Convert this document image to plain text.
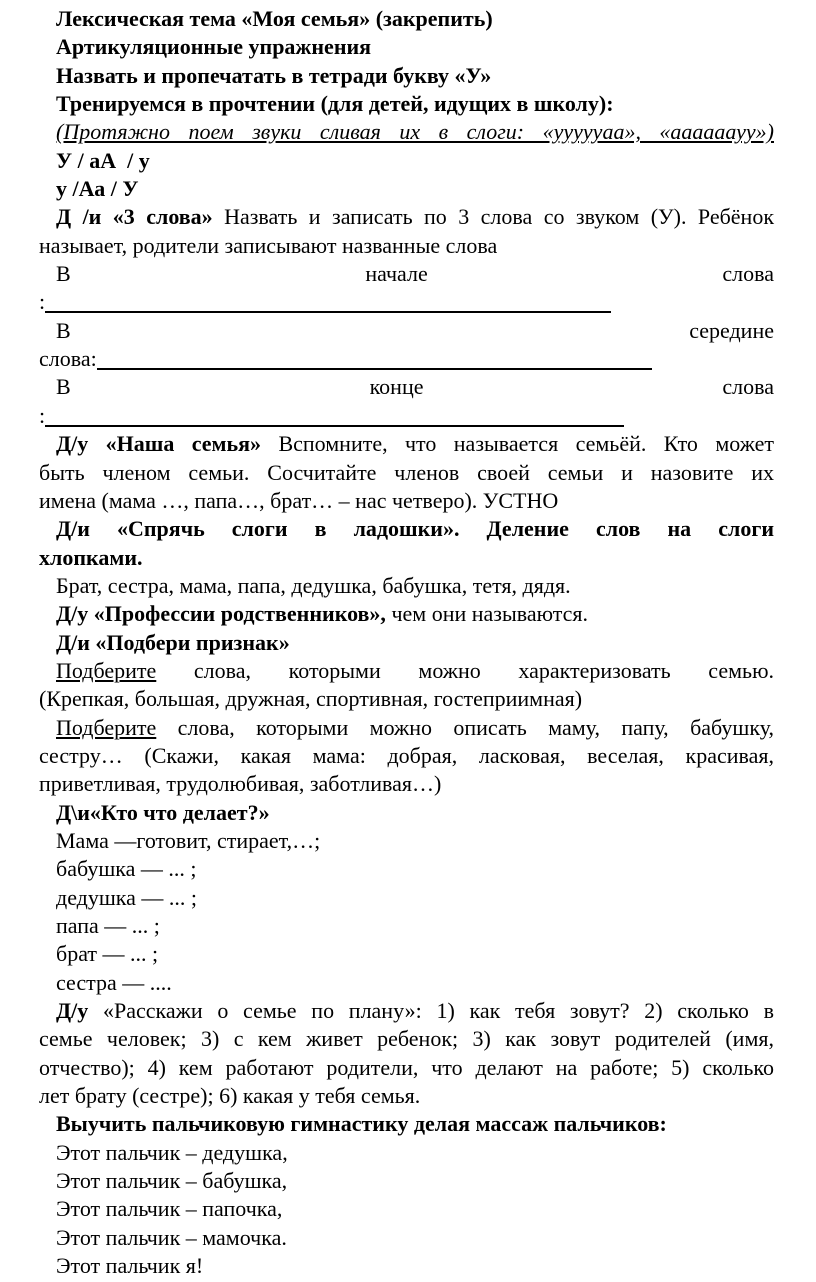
Лексическая тема «Моя семья» (закрепить)
Артикуляционные упражнения
Назвать и пропечатать в тетради букву «У»
Тренируемся в прочтении (для детей, идущих в школу):
(Протяжно поем звуки сливая их в слоги: «уууууаа», «аааааауу»)
У / аА  / у
у /Аа / У
Д /и «3 слова» Назвать и записать по 3 слова со звуком (У). Ребёнок
называет, родители записывают названные слова
В	начале	слова
:
В	середине
слова:
В	конце	слова
:
Д/у «Наша семья» Вспомните, что называется семьёй. Кто может
быть членом семьи. Сосчитайте членов своей семьи и назовите их
имена (мама …, папа…, брат… – нас четверо). УСТНО
Д/и «Спрячь слоги в ладошки». Деление слов на слоги
хлопками.
Брат, сестра, мама, папа, дедушка, бабушка, тетя, дядя.
Д/у «Профессии родственников», чем они называются.
Д/и «Подбери признак»
Подберите слова, которыми можно характеризовать семью.
(Крепкая, большая, дружная, спортивная, гостеприимная)
Подберите слова, которыми можно описать маму, папу, бабушку,
сестру… (Скажи, какая мама: добрая, ласковая, веселая, красивая,
приветливая, трудолюбивая, заботливая…)
Д\и«Кто что делает?»
Мама —готовит, стирает,…;
бабушка — ... ;
дедушка — ... ;
папа — ... ;
брат — ... ;
сестра — ....
Д/у «Расскажи о семье по плану»: 1) как тебя зовут? 2) сколько в
семье человек; 3) с кем живет ребенок; 3) как зовут родителей (имя,
отчество); 4) кем работают родители, что делают на работе; 5) сколько
лет брату (сестре); 6) какая у тебя семья.
Выучить пальчиковую гимнастику делая массаж пальчиков:
Этот пальчик – дедушка,
Этот пальчик – бабушка,
Этот пальчик – папочка,
Этот пальчик – мамочка.
Этот пальчик я!
